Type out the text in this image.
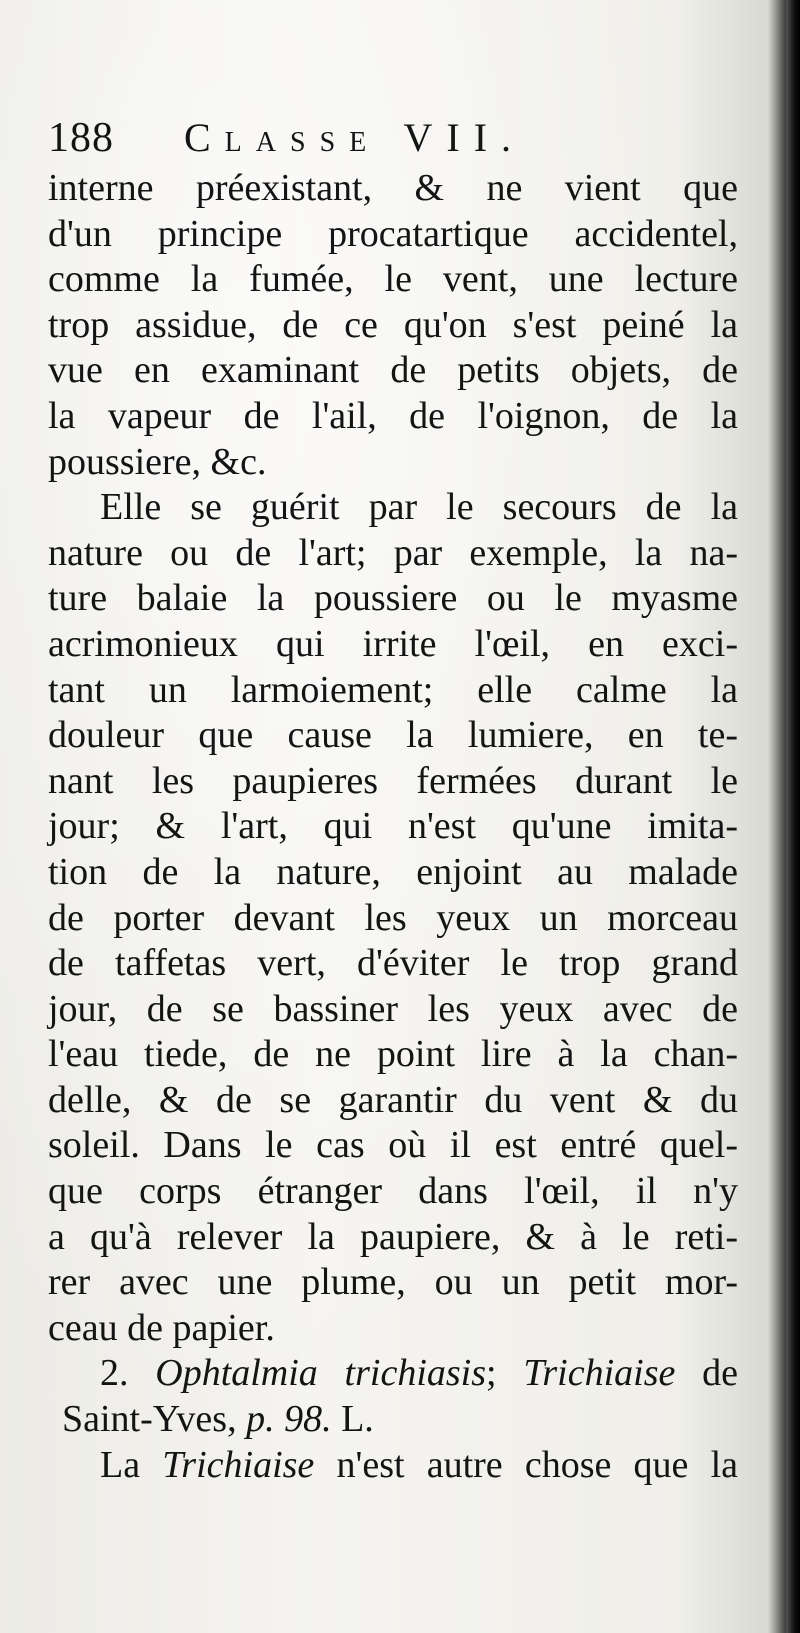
188 Classe VII.
interne préexistant, & ne vient que
d'un principe procatartique accidentel,
comme la fumée, le vent, une lecture
trop assidue, de ce qu'on s'est peiné la
vue en examinant de petits objets, de
la vapeur de l'ail, de l'oignon, de la
poussiere, &c.
Elle se guérit par le secours de la
nature ou de l'art; par exemple, la na-
ture balaie la poussiere ou le myasme
acrimonieux qui irrite l'œil, en exci-
tant un larmoiement; elle calme la
douleur que cause la lumiere, en te-
nant les paupieres fermées durant le
jour; & l'art, qui n'est qu'une imita-
tion de la nature, enjoint au malade
de porter devant les yeux un morceau
de taffetas vert, d'éviter le trop grand
jour, de se bassiner les yeux avec de
l'eau tiede, de ne point lire à la chan-
delle, & de se garantir du vent & du
soleil. Dans le cas où il est entré quel-
que corps étranger dans l'œil, il n'y
a qu'à relever la paupiere, & à le reti-
rer avec une plume, ou un petit mor-
ceau de papier.
2. Ophtalmia trichiasis; Trichiaise de
Saint-Yves, p. 98. L.
La Trichiaise n'est autre chose que la
